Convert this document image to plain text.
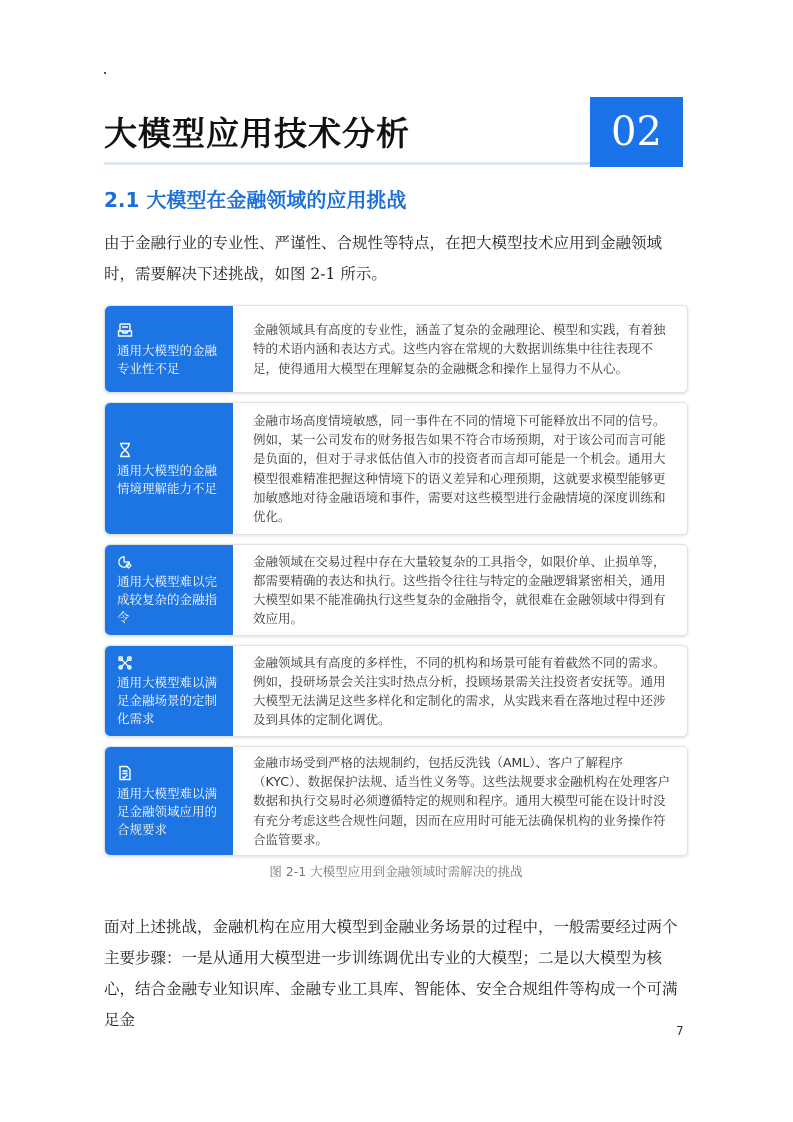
大模型应用技术分析	02
2.1 大模型在金融领域的应用挑战
由于金融行业的专业性、严谨性、合规性等特点，在把大模型技术应用到金融领域时，需要解决下述挑战，如图 2-1 所示。
通用大模型的金融专业性不足
金融领域具有高度的专业性，涵盖了复杂的金融理论、模型和实践，有着独特的术语内涵和表达方式。这些内容在常规的大数据训练集中往往表现不足，使得通用大模型在理解复杂的金融概念和操作上显得力不从心。
通用大模型的金融情境理解能力不足
金融市场高度情境敏感，同一事件在不同的情境下可能释放出不同的信号。例如，某一公司发布的财务报告如果不符合市场预期，对于该公司而言可能是负面的，但对于寻求低估值入市的投资者而言却可能是一个机会。通用大模型很难精准把握这种情境下的语义差异和心理预期，这就要求模型能够更加敏感地对待金融语境和事件，需要对这些模型进行金融情境的深度训练和优化。
通用大模型难以完成较复杂的金融指令
金融领域在交易过程中存在大量较复杂的工具指令，如限价单、止损单等，都需要精确的表达和执行。这些指令往往与特定的金融逻辑紧密相关，通用大模型如果不能准确执行这些复杂的金融指令，就很难在金融领域中得到有效应用。
通用大模型难以满足金融场景的定制化需求
金融领域具有高度的多样性，不同的机构和场景可能有着截然不同的需求。例如，投研场景会关注实时热点分析，投顾场景需关注投资者安抚等。通用大模型无法满足这些多样化和定制化的需求，从实践来看在落地过程中还涉及到具体的定制化调优。
通用大模型难以满足金融领域应用的合规要求
金融市场受到严格的法规制约，包括反洗钱（AML）、客户了解程序（KYC）、数据保护法规、适当性义务等。这些法规要求金融机构在处理客户数据和执行交易时必须遵循特定的规则和程序。通用大模型可能在设计时没有充分考虑这些合规性问题，因而在应用时可能无法确保机构的业务操作符合监管要求。
图 2-1 大模型应用到金融领域时需解决的挑战
面对上述挑战，金融机构在应用大模型到金融业务场景的过程中，一般需要经过两个主要步骤：一是从通用大模型进一步训练调优出专业的大模型；二是以大模型为核心，结合金融专业知识库、金融专业工具库、智能体、安全合规组件等构成一个可满足金
7
